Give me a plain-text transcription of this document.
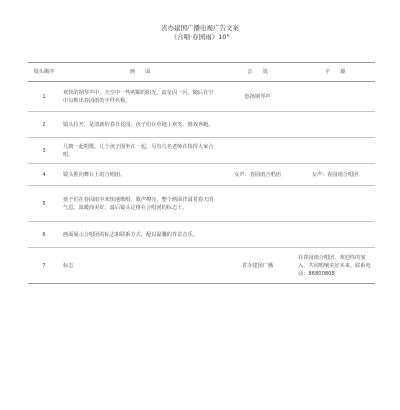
省办建国广播电视广告文案
《合唱·春园雨》10"
镜头顺序	画　　面	音　　效	字　　幕
1	欢快的钢琴声中，天空中一些明媚的阳光，流星闪一闪，随后在空中勾勒出春园雨的字样名称。	悠扬钢琴声	
2	镜头拉开，是清新的春日花园，孩子们在草地上欢笑、嬉戏奔跑。		
3	几朝一起唱歌，几个孩子围坐在一起，另有几名老师在指挥大家合唱。		
4	镜头推向舞台上的合唱团。	女声：春园雨合唱团	女声：春园雨合唱团
5	孩子们在春园雨中欢快地歌唱，歌声嘹亮，整个画面洋溢着春天的气息，温暖而美好。最后镜头定格在合唱团的标志上。		
6	画面展示合唱团的标志和联系方式，配以温馨的背景音乐。		
7	标志	省办建国广播	在春园雨合唱团，欢迎你的加入，共同唱响美好未来。联系电话：86800808
